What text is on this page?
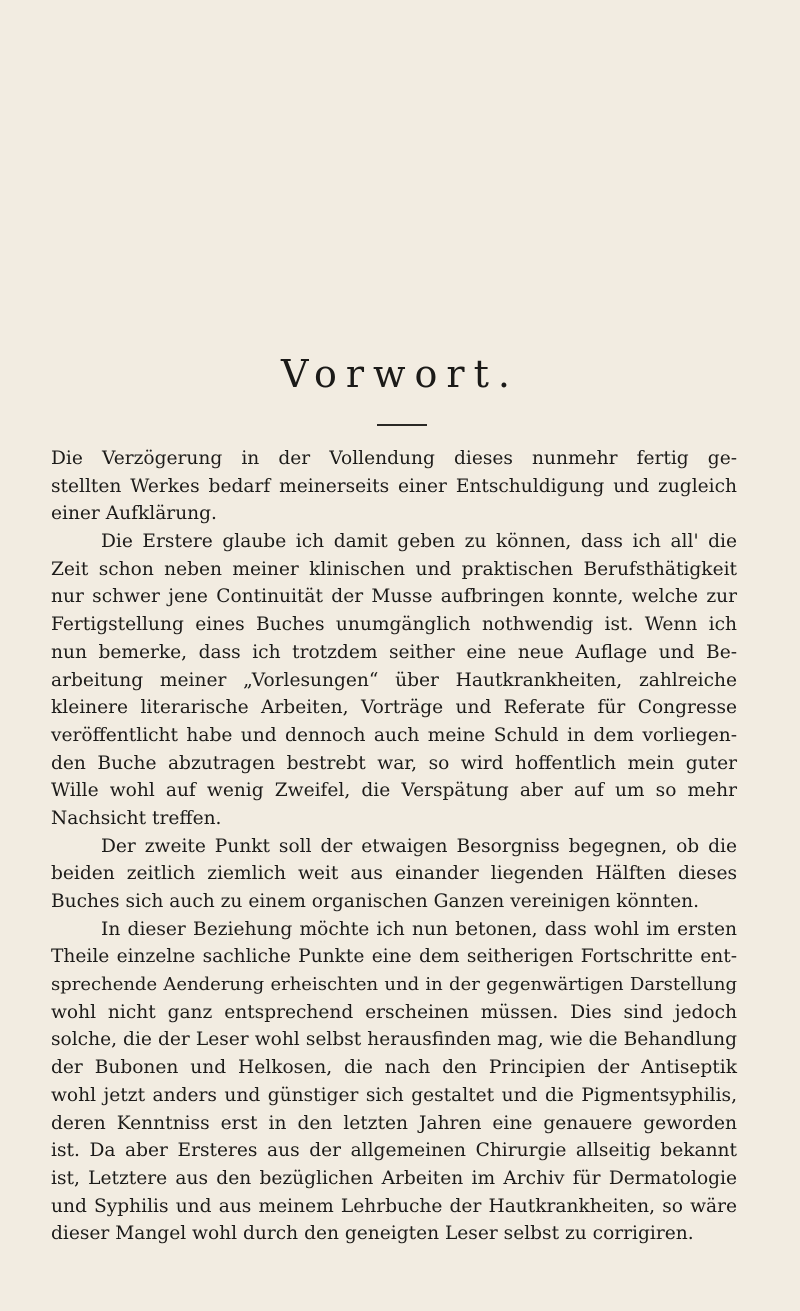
Vorwort.

Die Verzögerung in der Vollendung dieses nunmehr fertig ge-

stellten Werkes bedarf meinerseits einer Entschuldigung und zugleich

einer Aufklärung.

Die Erstere glaube ich damit geben zu können, dass ich all' die

Zeit schon neben meiner klinischen und praktischen Berufsthätigkeit

nur schwer jene Continuität der Musse aufbringen konnte, welche zur

Fertigstellung eines Buches unumgänglich nothwendig ist. Wenn ich

nun bemerke, dass ich trotzdem seither eine neue Auflage und Be-

arbeitung meiner „Vorlesungen“ über Hautkrankheiten, zahlreiche

kleinere literarische Arbeiten, Vorträge und Referate für Congresse

veröffentlicht habe und dennoch auch meine Schuld in dem vorliegen-

den Buche abzutragen bestrebt war, so wird hoffentlich mein guter

Wille wohl auf wenig Zweifel, die Verspätung aber auf um so mehr

Nachsicht treffen.

Der zweite Punkt soll der etwaigen Besorgniss begegnen, ob die

beiden zeitlich ziemlich weit aus einander liegenden Hälften dieses

Buches sich auch zu einem organischen Ganzen vereinigen könnten.

In dieser Beziehung möchte ich nun betonen, dass wohl im ersten

Theile einzelne sachliche Punkte eine dem seitherigen Fortschritte ent-

sprechende Aenderung erheischten und in der gegenwärtigen Darstellung

wohl nicht ganz entsprechend erscheinen müssen. Dies sind jedoch

solche, die der Leser wohl selbst herausfinden mag, wie die Behandlung

der Bubonen und Helkosen, die nach den Principien der Antiseptik

wohl jetzt anders und günstiger sich gestaltet und die Pigmentsyphilis,

deren Kenntniss erst in den letzten Jahren eine genauere geworden

ist. Da aber Ersteres aus der allgemeinen Chirurgie allseitig bekannt

ist, Letztere aus den bezüglichen Arbeiten im Archiv für Dermatologie

und Syphilis und aus meinem Lehrbuche der Hautkrankheiten, so wäre

dieser Mangel wohl durch den geneigten Leser selbst zu corrigiren.
